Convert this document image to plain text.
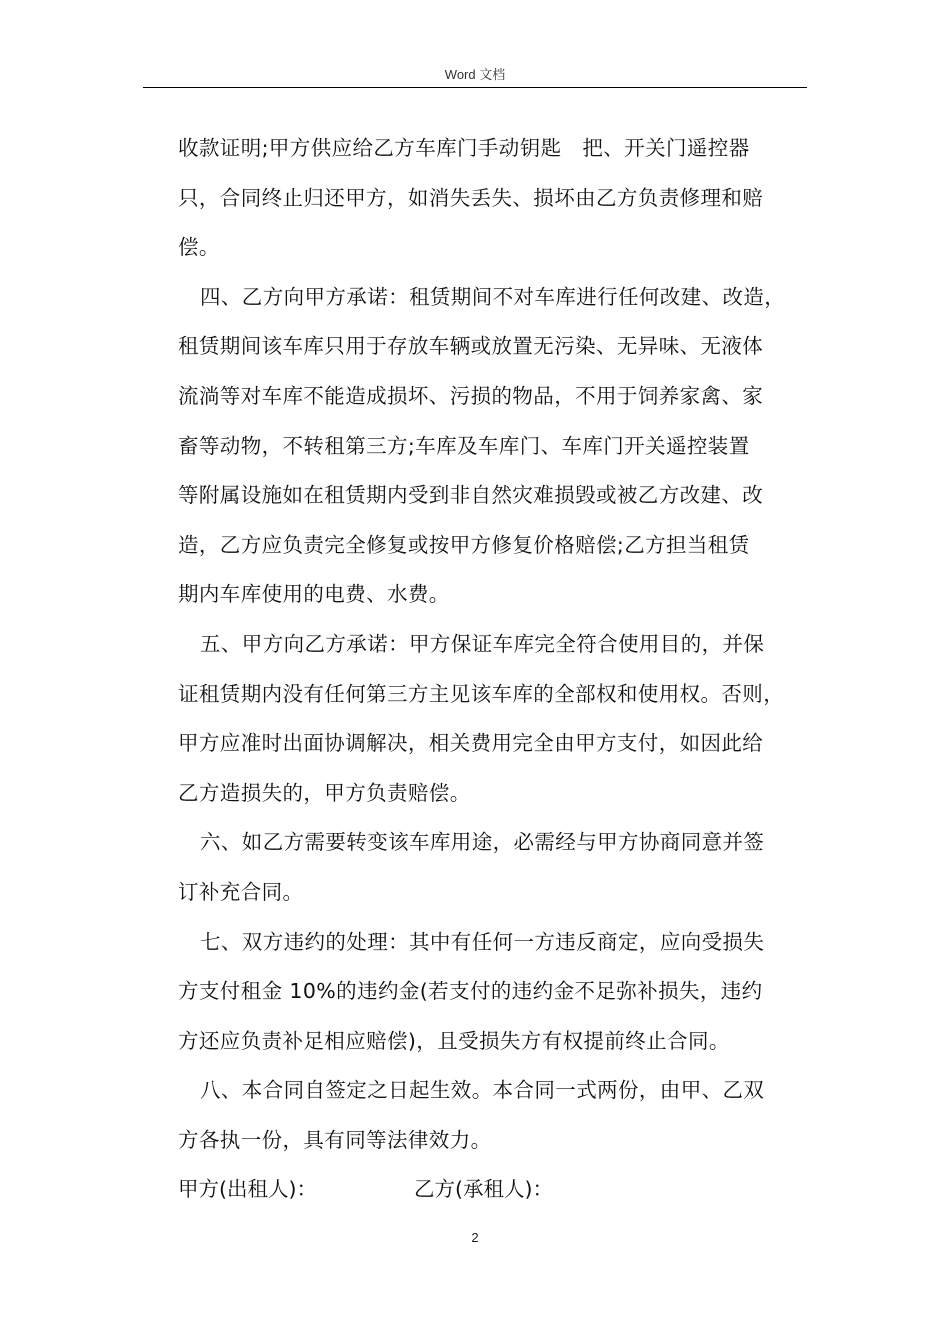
Word 文档
收款证明;甲方供应给乙方车库门手动钥匙　把、开关门遥控器
只，合同终止归还甲方，如消失丢失、损坏由乙方负责修理和赔
偿。
四、乙方向甲方承诺：租赁期间不对车库进行任何改建、改造，
租赁期间该车库只用于存放车辆或放置无污染、无异味、无液体
流淌等对车库不能造成损坏、污损的物品，不用于饲养家禽、家
畜等动物，不转租第三方;车库及车库门、车库门开关遥控装置
等附属设施如在租赁期内受到非自然灾难损毁或被乙方改建、改
造，乙方应负责完全修复或按甲方修复价格赔偿;乙方担当租赁
期内车库使用的电费、水费。
五、甲方向乙方承诺：甲方保证车库完全符合使用目的，并保
证租赁期内没有任何第三方主见该车库的全部权和使用权。否则，
甲方应准时出面协调解决，相关费用完全由甲方支付，如因此给
乙方造损失的，甲方负责赔偿。
六、如乙方需要转变该车库用途，必需经与甲方协商同意并签
订补充合同。
七、双方违约的处理：其中有任何一方违反商定，应向受损失
方支付租金 10%的违约金(若支付的违约金不足弥补损失，违约
方还应负责补足相应赔偿)，且受损失方有权提前终止合同。
八、本合同自签定之日起生效。本合同一式两份，由甲、乙双
方各执一份，具有同等法律效力。
甲方(出租人)：	乙方(承租人)：
2
